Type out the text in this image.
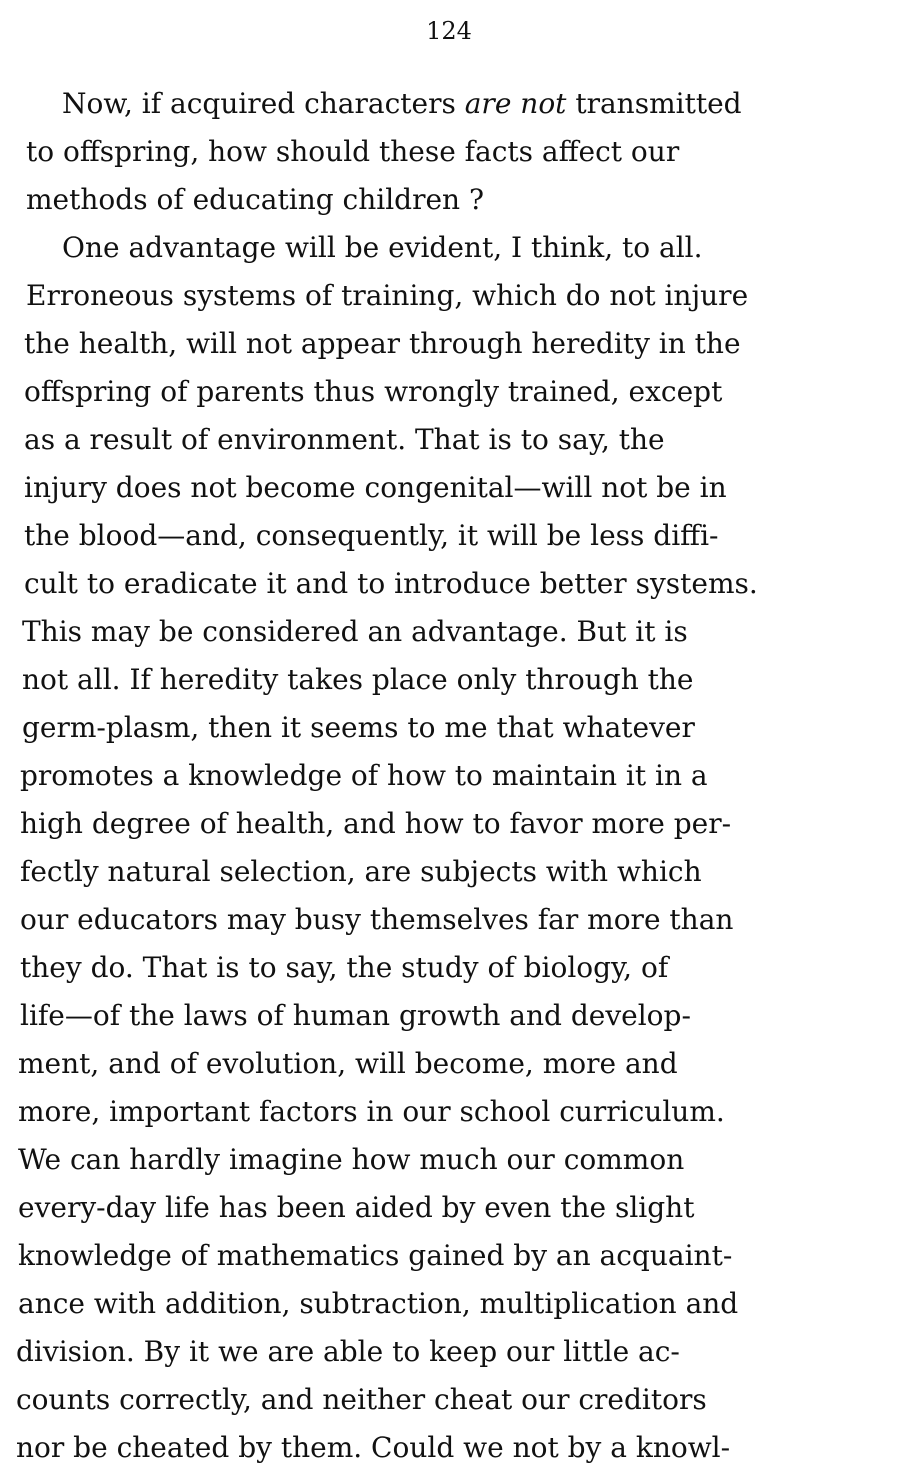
124

Now, if acquired characters are not transmitted

to offspring, how should these facts affect our

methods of educating children ?

One advantage will be evident, I think, to all.

Erroneous systems of training, which do not injure

the health, will not appear through heredity in the

offspring of parents thus wrongly trained, except

as a result of environment. That is to say, the

injury does not become congenital—will not be in

the blood—and, consequently, it will be less diffi-

cult to eradicate it and to introduce better systems.

This may be considered an advantage. But it is

not all. If heredity takes place only through the

germ-plasm, then it seems to me that whatever

promotes a knowledge of how to maintain it in a

high degree of health, and how to favor more per-

fectly natural selection, are subjects with which

our educators may busy themselves far more than

they do. That is to say, the study of biology, of

life—of the laws of human growth and develop-

ment, and of evolution, will become, more and

more, important factors in our school curriculum.

We can hardly imagine how much our common

every-day life has been aided by even the slight

knowledge of mathematics gained by an acquaint-

ance with addition, subtraction, multiplication and

division. By it we are able to keep our little ac-

counts correctly, and neither cheat our creditors

nor be cheated by them. Could we not by a knowl-
